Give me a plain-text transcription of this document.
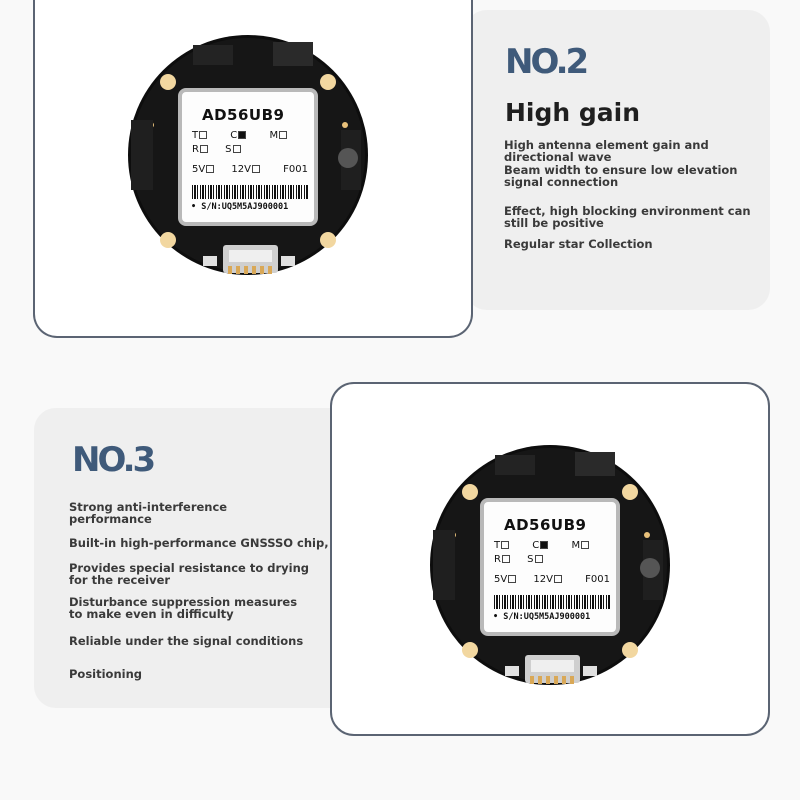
NO.2
High gain

High antenna element gain and directional wave

Beam width to ensure low elevation signal connection

Effect, high blocking environment can still be positive

Regular star Collection

NO.3

Strong anti-interference performance

Built-in high-performance GNSSSO chip,

Provides special resistance to drying for the receiver

Disturbance suppression measures to make even in difficulty

Reliable under the signal conditions

Positioning

AD56UB9
T	C	M
R	S
5V	12V	F001
• S/N:UQ5M5AJ900001
AD56UB9
T	C	M
R	S
5V	12V	F001
• S/N:UQ5M5AJ900001
